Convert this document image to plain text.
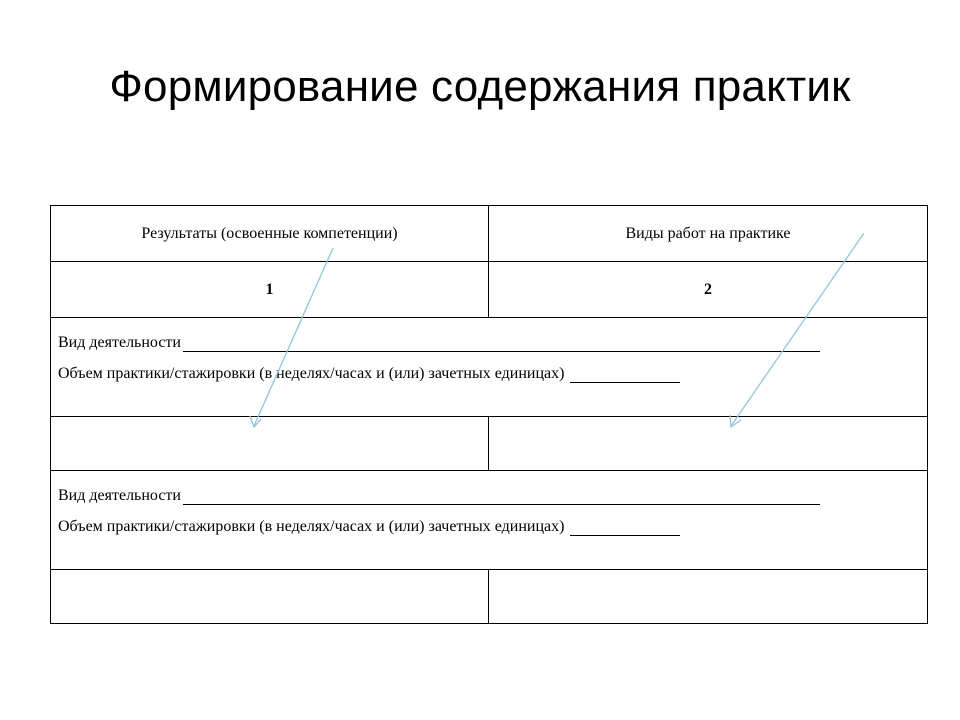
Формирование содержания практик
Результаты (освоенные компетенции)	Виды работ на практике
1	2

Вид деятельности
Объем практики/стажировки (в неделях/часах и (или) зачетных единицах)	

Вид деятельности
Объем практики/стажировки (в неделях/часах и (или) зачетных единицах)	
